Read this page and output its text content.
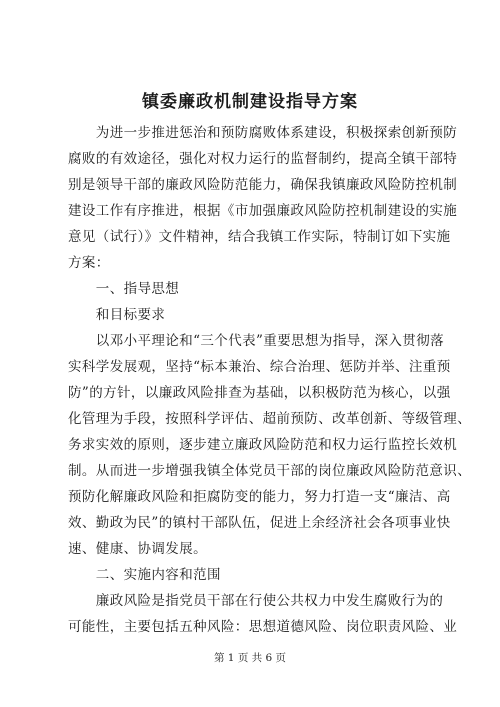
镇委廉政机制建设指导方案
　　为进一步推进惩治和预防腐败体系建设，积极探索创新预防
腐败的有效途径，强化对权力运行的监督制约，提高全镇干部特
别是领导干部的廉政风险防范能力，确保我镇廉政风险防控机制
建设工作有序推进，根据《市加强廉政风险防控机制建设的实施
意见（试行）》文件精神，结合我镇工作实际，特制订如下实施
方案：
　　一、指导思想
　　和目标要求
　　以邓小平理论和“三个代表”重要思想为指导，深入贯彻落
实科学发展观，坚持“标本兼治、综合治理、惩防并举、注重预
防”的方针，以廉政风险排查为基础，以积极防范为核心，以强
化管理为手段，按照科学评估、超前预防、改革创新、等级管理、
务求实效的原则，逐步建立廉政风险防范和权力运行监控长效机
制。从而进一步增强我镇全体党员干部的岗位廉政风险防范意识、
预防化解廉政风险和拒腐防变的能力，努力打造一支“廉洁、高
效、勤政为民”的镇村干部队伍，促进上余经济社会各项事业快
速、健康、协调发展。
　　二、实施内容和范围
　　廉政风险是指党员干部在行使公共权力中发生腐败行为的
可能性，主要包括五种风险：思想道德风险、岗位职责风险、业
第 1 页 共 6 页
